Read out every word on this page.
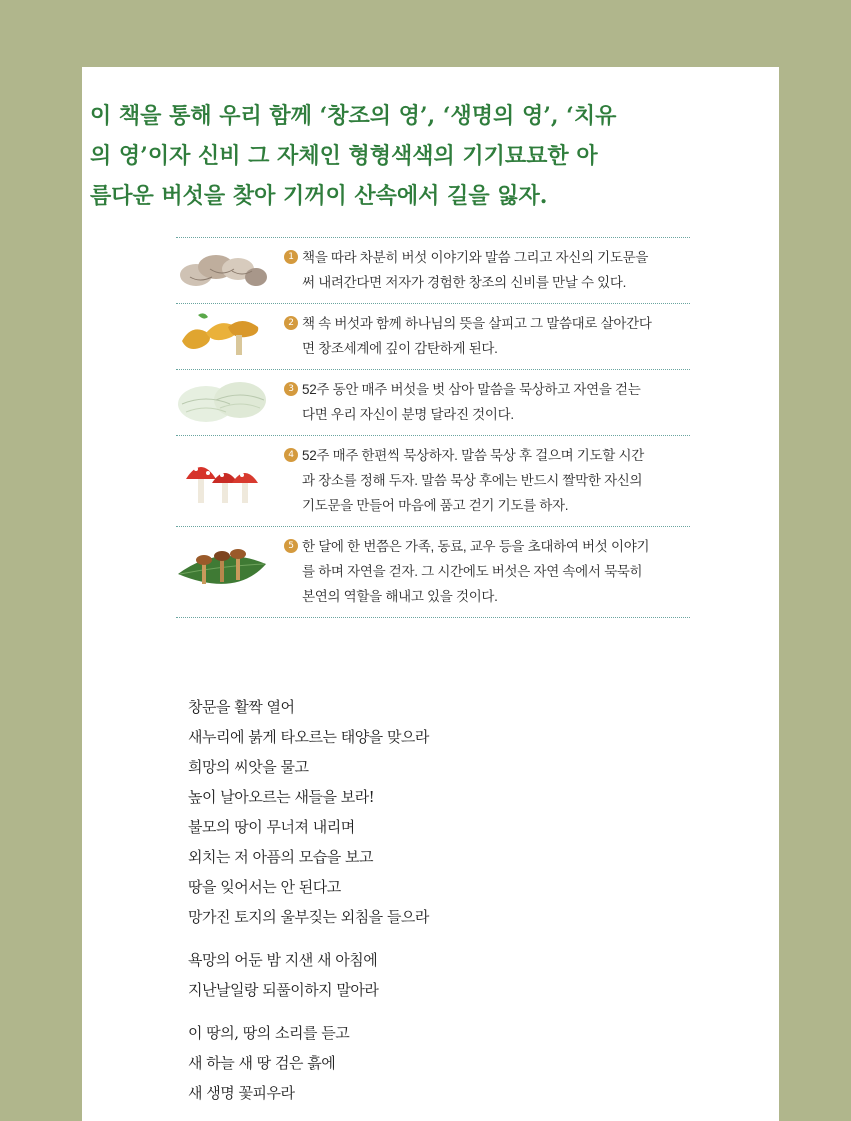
이 책을 통해 우리 함께 ‘창조의 영’, ‘생명의 영’, ‘치유
의 영’이자 신비 그 자체인 형형색색의 기기묘묘한 아
름다운 버섯을 찾아 기꺼이 산속에서 길을 잃자.
1 책을 따라 차분히 버섯 이야기와 말씀 그리고 자신의 기도문을
써 내려간다면 저자가 경험한 창조의 신비를 만날 수 있다.
2 책 속 버섯과 함께 하나님의 뜻을 살피고 그 말씀대로 살아간다
면 창조세계에 깊이 감탄하게 된다.
3 52주 동안 매주 버섯을 벗 삼아 말씀을 묵상하고 자연을 걷는
다면 우리 자신이 분명 달라진 것이다.
4 52주 매주 한편씩 묵상하자. 말씀 묵상 후 걸으며 기도할 시간
과 장소를 정해 두자. 말씀 묵상 후에는 반드시 짤막한 자신의
기도문을 만들어 마음에 품고 걷기 기도를 하자.
5 한 달에 한 번쯤은 가족, 동료, 교우 등을 초대하여 버섯 이야기
를 하며 자연을 걷자. 그 시간에도 버섯은 자연 속에서 묵묵히
본연의 역할을 해내고 있을 것이다.
창문을 활짝 열어
새누리에 붉게 타오르는 태양을 맞으라
희망의 씨앗을 물고
높이 날아오르는 새들을 보라!
불모의 땅이 무너져 내리며
외치는 저 아픔의 모습을 보고
땅을 잊어서는 안 된다고
망가진 토지의 울부짖는 외침을 들으라
욕망의 어둔 밤 지샌 새 아침에
지난날일랑 되풀이하지 말아라
이 땅의, 땅의 소리를 듣고
새 하늘 새 땅 검은 흙에
새 생명 꽃피우라
